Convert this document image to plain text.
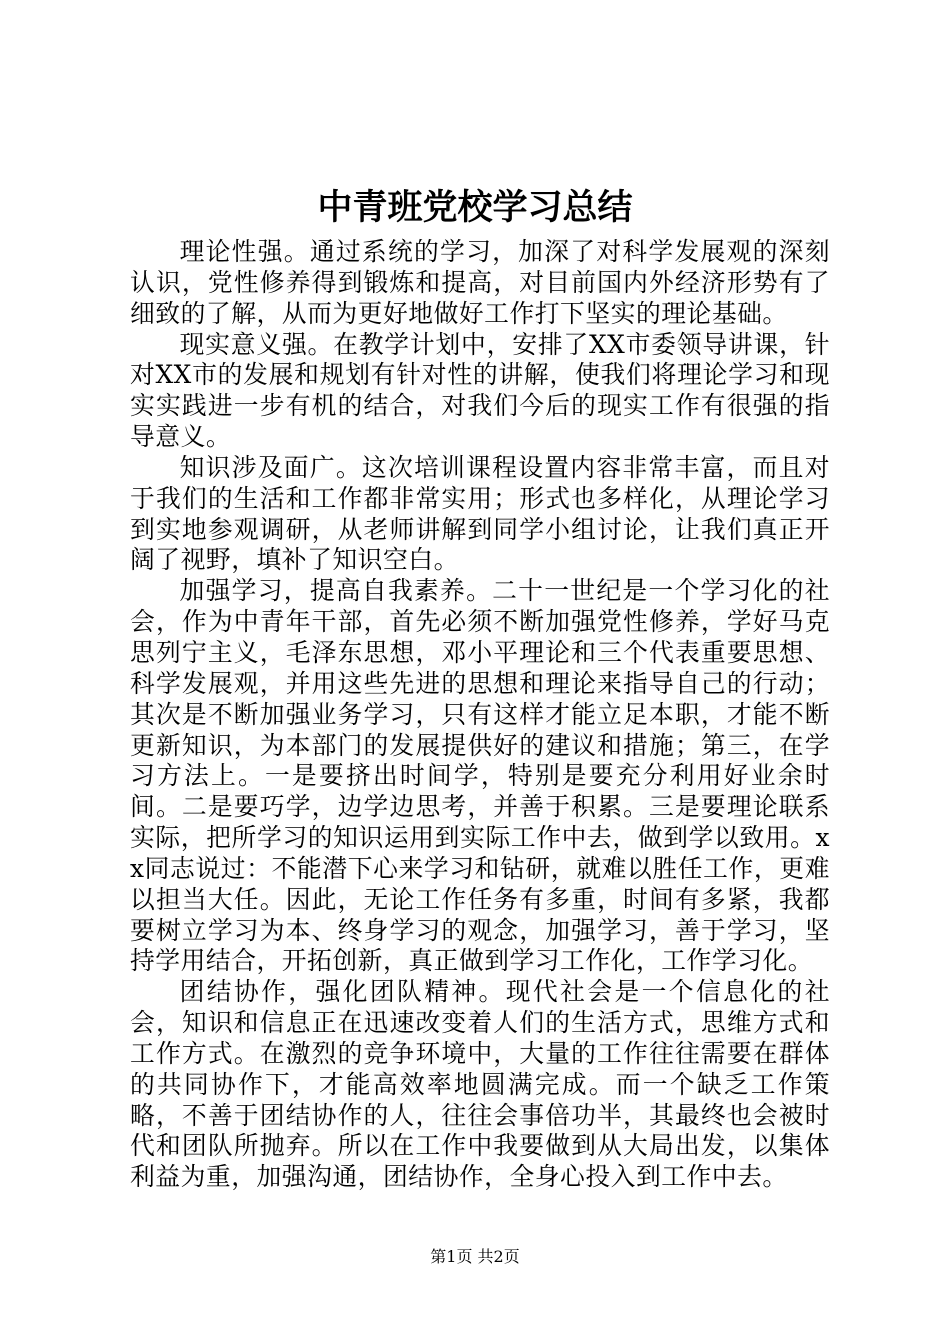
中青班党校学习总结

理论性强。通过系统的学习，加深了对科学发展观的深刻认识，党性修养得到锻炼和提高，对目前国内外经济形势有了细致的了解，从而为更好地做好工作打下坚实的理论基础。

现实意义强。在教学计划中，安排了XX市委领导讲课，针对XX市的发展和规划有针对性的讲解，使我们将理论学习和现实实践进一步有机的结合，对我们今后的现实工作有很强的指导意义。

知识涉及面广。这次培训课程设置内容非常丰富，而且对于我们的生活和工作都非常实用；形式也多样化，从理论学习到实地参观调研，从老师讲解到同学小组讨论，让我们真正开阔了视野，填补了知识空白。

加强学习，提高自我素养。二十一世纪是一个学习化的社会，作为中青年干部，首先必须不断加强党性修养，学好马克思列宁主义，毛泽东思想，邓小平理论和三个代表重要思想、科学发展观，并用这些先进的思想和理论来指导自己的行动；其次是不断加强业务学习，只有这样才能立足本职，才能不断更新知识，为本部门的发展提供好的建议和措施；第三，在学习方法上。一是要挤出时间学，特别是要充分利用好业余时间。二是要巧学，边学边思考，并善于积累。三是要理论联系实际，把所学习的知识运用到实际工作中去，做到学以致用。xx同志说过：不能潜下心来学习和钻研，就难以胜任工作，更难以担当大任。因此，无论工作任务有多重，时间有多紧，我都要树立学习为本、终身学习的观念，加强学习，善于学习，坚持学用结合，开拓创新，真正做到学习工作化，工作学习化。

团结协作，强化团队精神。现代社会是一个信息化的社会，知识和信息正在迅速改变着人们的生活方式，思维方式和工作方式。在激烈的竞争环境中，大量的工作往往需要在群体的共同协作下，才能高效率地圆满完成。而一个缺乏工作策略，不善于团结协作的人，往往会事倍功半，其最终也会被时代和团队所抛弃。所以在工作中我要做到从大局出发，以集体利益为重，加强沟通，团结协作，全身心投入到工作中去。

第1页 共2页
